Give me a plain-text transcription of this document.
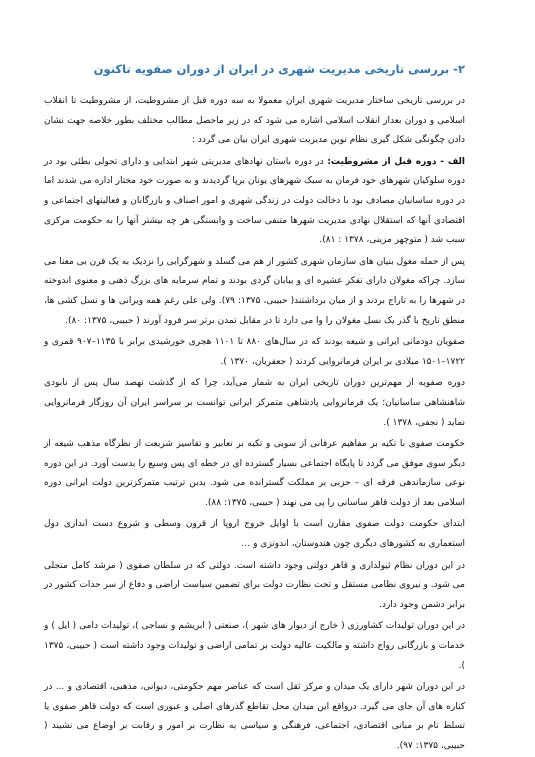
۲- بررسی تاریخی مدیریت شهری در ایران از دوران صفویه تاکنون
در بررسی تاریخی ساختار مدیریت شهری ایران معمولا به سه دوره قبل از مشروطیت، از مشروطیت تا انقلاب اسلامی و دوران بعداز انقلاب اسلامی اشاره می شود که در زیر ماحصل مطالب مختلف بطور خلاصه جهت نشان دادن چگونگی شکل گیری نظام نوین مدیریت شهری ایران بیان می گردد :
الف - دوره قبل از مشروطیت: در دوره باستان نهادهای مدیریتی شهر ابتدایی و دارای تحولی بطئی بود در دوره سلوکیان شهرهای خود فرمان به سبک شهرهای یونان برپا گردیدند و به صورت خود مختار اداره می شدند اما در دوره ساسانیان مصادف بود با دخالت دولت در زندگی شهری و امور اصناف و بازرگانان و فعالیتهای اجتماعی و اقتصادی آنها که استقلال نهادی مدیریت شهرها متنفی ساخت و وابستگی هر چه بیشتر آنها را به حکومت مرکزی سبب شد ( متوچهر مزینی، ۱۳۷۸ : ۸۱).
پس از حمله مغول بنیان های سازمان شهری کشور از هم می گسلد و شهرگرایی را نزدیک به یک قرن بی معنا می سازد. چراکه مغولان دارای تفکر عشیره ای و بیابان گردی بودند و تمام سرمایه های بزرگ ذهنی و معنوی اندوخته در شهرها را به تاراج بردند و از میان برداشتند( حبیبی، ۱۳۷۵: ۷۹). ولی علی رغم همه ویرانی ها و نسل کشی ها، منطق تاریخ با گذر یک نسل مغولان را وا می دارد تا در مقابل تمدن برتر سر فرود آورند ( حبیبی، ۱۳۷۵: ۸۰).
صفویان دودمانی ایرانی و شیعه بودند که در سال‌های ۸۸۰ تا ۱۱۰۱ هجری خورشیدی برابر با ۱۱۳۵–۹۰۷ قمری و ۱۷۲۲–۱۵۰۱ میلادی بر ایران فرمانروایی کردند ( جعفریان، ۱۳۷۰ ).
دوره صفویه از مهم‌ترین دوران تاریخی ایران به شمار می‌آید، چرا که از گذشت نهصد سال پس از نابودی شاهنشاهی ساسانیان؛ یک فرمانروایی پادشاهی متمرکز ایرانی توانست بر سراسر ایران آن روزگار فرمانروایی نماید ( نجفی، ۱۳۷۸ ).
حکومت صفوی با تکیه بر مفاهیم عرفانی از سویی و تکیه بر تعابیر و تفاسیر شریعت از نظرگاه مذهب شیعه از دیگر سوی موفق می گردد تا پایگاه اجتماعی بسیار گسترده ای در خطه ای پس وسیع را بدست آورد. در این دوره نوعی سازماندهی فرقه ای – حزبی بر مملکت گسترانده می شود. بدین ترتیب متمرکزترین دولت ایرانی دوره اسلامی بعد از دولت قاهر ساسانی را پی می نهند ( حبیبی، ۱۳۷۵: ۸۸).
ابتدای حکومت دولت صفوی مقارن است با اوایل خروج اروپا از قرون وسطی و شروع دست اندازی دول استعماری به کشورهای دیگری چون هندوستان، اندونزی و …
در این دوران نظام ئیولداری و قاهر دولتی وجود داشته است. دولتی که در سلطان صفوی ( مرشد کامل متجلی می شود. و نیروی نظامی مستقل و تحت نظارت دولت برای تضمین سیاست اراضی و دفاع از سر حدات کشور در برابر دشمن وجود دارد.
در این دوران تولیدات کشاورزی ( خارج از دیوار های شهر )، صنعتی ( ابریشم و نساجی )، تولیدات دامی ( ایل ) و خدمات و بازرگانی رواج داشته و مالکیت عالیه دولت بر تمامی اراضی و تولیدات وجود داشته است ( حبیبی، ۱۳۷۵ ).
در این دوران شهر دارای یک میدان و مرکز ثقل است که عناصر مهم حکومتی، دیوانی، مذهبی، اقتصادی و ... در کناره های آن جای می گیرد. درواقع این میدان محل تقاطع گذرهای اصلی و عبوری است که دولت قاهر صفوی یا تسلط تام بر مبانی اقتصادی، اجتماعی، فرهنگی و سیاسی به نظارت بر امور و رقابت بر اوضاع می نشیند ( حبیبی، ۱۳۷۵: ۹۷).
